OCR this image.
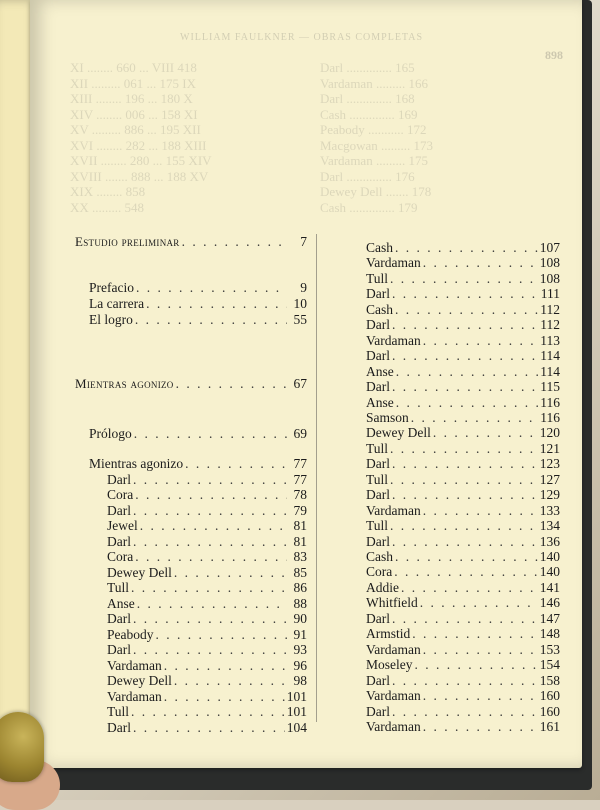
WILLIAM FAULKNER — OBRAS COMPLETAS
898
XI ........ 660 ... VIII 418
XII ......... 061 ... 175 IX
XIII ........ 196 ... 180 X
XIV ........ 006 ... 158 XI
XV ......... 886 ... 195 XII
XVI ........ 282 ... 188 XIII
XVII ........ 280 ... 155 XIV
XVIII ....... 888 ... 188 XV
XIX ........ 858
XX ......... 548
Darl .............. 165
Vardaman ......... 166
Darl .............. 168
Cash .............. 169
Peabody ........... 172
Macgowan ......... 173
Vardaman ......... 175
Darl .............. 176
Dewey Dell ....... 178
Cash .............. 179
Estudio preliminar . . .	7
Prefacio . . .	9
La carrera . . .	10
El logro . . .	55
Mientras agonizo . . .	67
Prólogo . . .	69
Mientras agonizo . . .	77
Darl . . .	77
Cora . . .	78
Darl . . .	79
Jewel . . .	81
Darl . . .	81
Cora . . .	83
Dewey Dell . . .	85
Tull . . .	86
Anse . . .	88
Darl . . .	90
Peabody . . .	91
Darl . . .	93
Vardaman . . .	96
Dewey Dell . . .	98
Vardaman . . .	101
Tull . . .	101
Darl . . .	104
Cash . . .	107
Vardaman . . .	108
Tull . . .	108
Darl . . .	111
Cash . . .	112
Darl . . .	112
Vardaman . . .	113
Darl . . .	114
Anse . . .	114
Darl . . .	115
Anse . . .	116
Samson . . .	116
Dewey Dell . . .	120
Tull . . .	121
Darl . . .	123
Tull . . .	127
Darl . . .	129
Vardaman . . .	133
Tull . . .	134
Darl . . .	136
Cash . . .	140
Cora . . .	140
Addie . . .	141
Whitfield . . .	146
Darl . . .	147
Armstid . . .	148
Vardaman . . .	153
Moseley . . .	154
Darl . . .	158
Vardaman . . .	160
Darl . . .	160
Vardaman . . .	161
